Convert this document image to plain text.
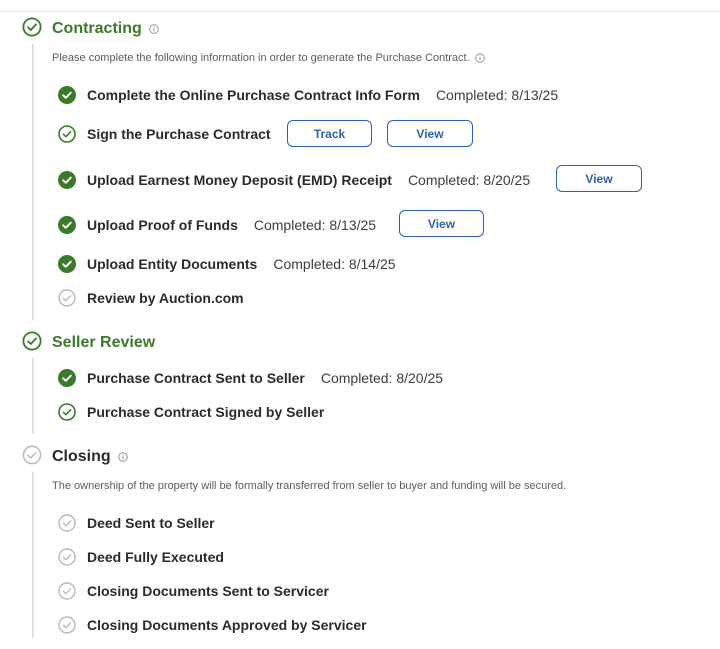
Contracting
Please complete the following information in order to generate the Purchase Contract.
Complete the Online Purchase Contract Info Form Completed: 8/13/25
Sign the Purchase Contract	Track	View
Upload Earnest Money Deposit (EMD) Receipt Completed: 8/20/25	View
Upload Proof of Funds Completed: 8/13/25	View
Upload Entity Documents Completed: 8/14/25
Review by Auction.com
Seller Review
Purchase Contract Sent to Seller Completed: 8/20/25
Purchase Contract Signed by Seller
Closing
The ownership of the property will be formally transferred from seller to buyer and funding will be secured.
Deed Sent to Seller
Deed Fully Executed
Closing Documents Sent to Servicer
Closing Documents Approved by Servicer
